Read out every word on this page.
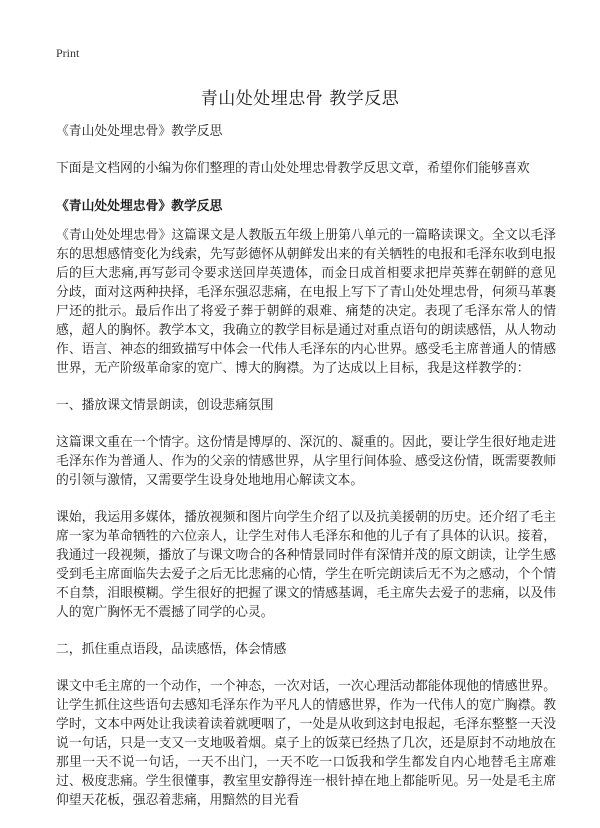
Print
青山处处埋忠骨 教学反思

《青山处处埋忠骨》教学反思

下面是文档网的小编为你们整理的青山处处埋忠骨教学反思文章，希望你们能够喜欢

《青山处处埋忠骨》教学反思

《青山处处埋忠骨》这篇课文是人教版五年级上册第八单元的一篇略读课文。全文以毛泽东的思想感情变化为线索，先写彭德怀从朝鲜发出来的有关牺牲的电报和毛泽东收到电报后的巨大悲痛,再写彭司令要求送回岸英遗体，而金日成首相要求把岸英葬在朝鲜的意见分歧，面对这两种抉择，毛泽东强忍悲痛，在电报上写下了青山处处埋忠骨，何须马革裹尸还的批示。最后作出了将爱子葬于朝鲜的艰难、痛楚的决定。表现了毛泽东常人的情感，超人的胸怀。教学本文，我确立的教学目标是通过对重点语句的朗读感悟，从人物动作、语言、神态的细致描写中体会一代伟人毛泽东的内心世界。感受毛主席普通人的情感世界，无产阶级革命家的宽广、博大的胸襟。为了达成以上目标，我是这样教学的：

一、播放课文情景朗读，创设悲痛氛围

这篇课文重在一个情字。这份情是博厚的、深沉的、凝重的。因此，要让学生很好地走进毛泽东作为普通人、作为的父亲的情感世界，从字里行间体验、感受这份情，既需要教师的引领与激情，又需要学生设身处地地用心解读文本。

课始，我运用多媒体，播放视频和图片向学生介绍了以及抗美援朝的历史。还介绍了毛主席一家为革命牺牲的六位亲人，让学生对伟人毛泽东和他的儿子有了具体的认识。接着，我通过一段视频，播放了与课文吻合的各种情景同时伴有深情并茂的原文朗读，让学生感受到毛主席面临失去爱子之后无比悲痛的心情，学生在听完朗读后无不为之感动，个个情不自禁，泪眼模糊。学生很好的把握了课文的情感基调，毛主席失去爱子的悲痛，以及伟人的宽广胸怀无不震撼了同学的心灵。

二，抓住重点语段，品读感悟，体会情感

课文中毛主席的一个动作，一个神态，一次对话，一次心理活动都能体现他的情感世界。让学生抓住这些语句去感知毛泽东作为平凡人的情感世界，作为一代伟人的宽广胸襟。教学时，文本中两处让我读着读着就哽咽了，一处是从收到这封电报起，毛泽东整整一天没说一句话，只是一支又一支地吸着烟。桌子上的饭菜已经热了几次，还是原封不动地放在那里一天不说一句话，一天不出门，一天不吃一口饭我和学生都发自内心地替毛主席难过、极度悲痛。学生很懂事，教室里安静得连一根针掉在地上都能听见。另一处是毛主席仰望天花板，强忍着悲痛，用黯然的目光看
